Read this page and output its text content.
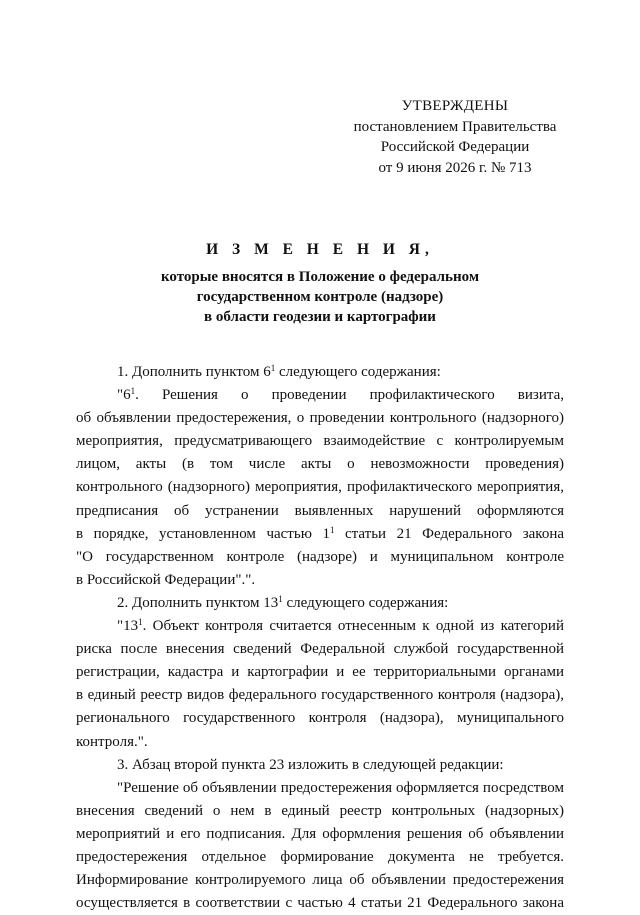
УТВЕРЖДЕНЫ
постановлением Правительства
Российской Федерации
от 9 июня 2026 г. № 713
И З М Е Н Е Н И Я,
которые вносятся в Положение о федеральном
государственном контроле (надзоре)
в области геодезии и картографии

1. Дополнить пунктом $6^1$ следующего содержания:

"$6^1$. Решения о проведении профилактического визита,

об объявлении предостережения, о проведении контрольного (надзорного)

мероприятия, предусматривающего взаимодействие с контролируемым

лицом, акты (в том числе акты о невозможности проведения)

контрольного (надзорного) мероприятия, профилактического мероприятия,

предписания об устранении выявленных нарушений оформляются

в порядке, установленном частью $1^1$ статьи 21 Федерального закона

"О государственном контроле (надзоре) и муниципальном контроле

в Российской Федерации".".

2. Дополнить пунктом $13^1$ следующего содержания:

"$13^1$. Объект контроля считается отнесенным к одной из категорий

риска после внесения сведений Федеральной службой государственной

регистрации, кадастра и картографии и ее территориальными органами

в единый реестр видов федерального государственного контроля (надзора),

регионального государственного контроля (надзора), муниципального

контроля.".

3. Абзац второй пункта 23 изложить в следующей редакции:

"Решение об объявлении предостережения оформляется посредством

внесения сведений о нем в единый реестр контрольных (надзорных)

мероприятий и его подписания. Для оформления решения об объявлении

предостережения отдельное формирование документа не требуется.

Информирование контролируемого лица об объявлении предостережения

осуществляется в соответствии с частью 4 статьи 21 Федерального закона
